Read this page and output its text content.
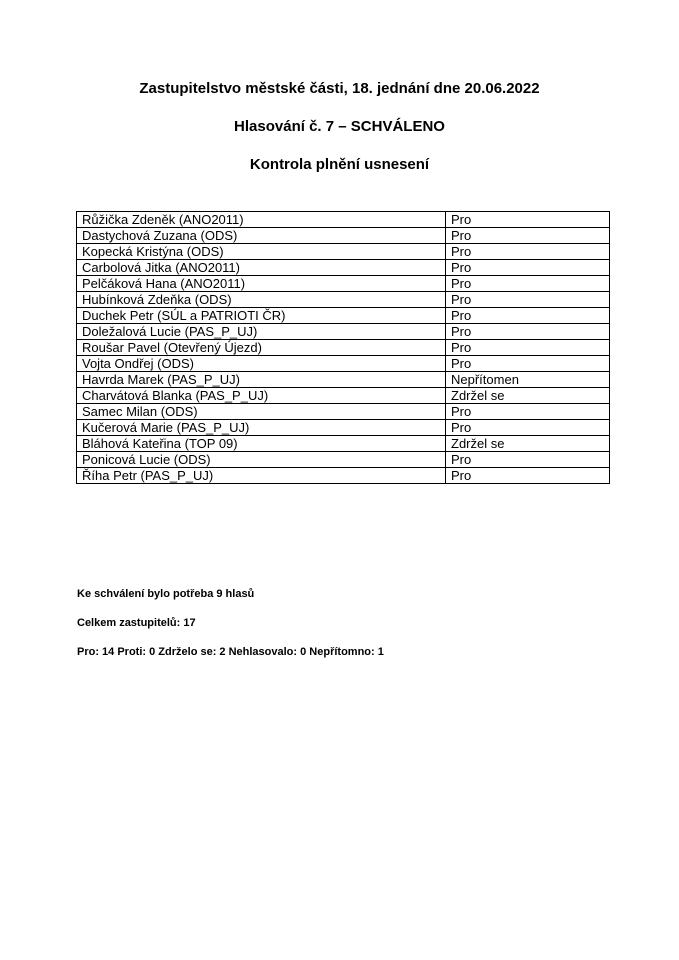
Zastupitelstvo městské části, 18. jednání dne 20.06.2022
Hlasování č. 7 – SCHVÁLENO
Kontrola plnění usnesení
Růžička Zdeněk (ANO2011)	Pro
Dastychová Zuzana (ODS)	Pro
Kopecká Kristýna (ODS)	Pro
Carbolová Jitka (ANO2011)	Pro
Pelčáková Hana (ANO2011)	Pro
Hubínková Zdeňka (ODS)	Pro
Duchek Petr (SÚL a PATRIOTI ČR)	Pro
Doležalová Lucie (PAS_P_UJ)	Pro
Roušar Pavel (Otevřený Újezd)	Pro
Vojta Ondřej (ODS)	Pro
Havrda Marek (PAS_P_UJ)	Nepřítomen
Charvátová Blanka (PAS_P_UJ)	Zdržel se
Samec Milan (ODS)	Pro
Kučerová Marie (PAS_P_UJ)	Pro
Bláhová Kateřina (TOP 09)	Zdržel se
Ponicová Lucie (ODS)	Pro
Říha Petr (PAS_P_UJ)	Pro
Ke schválení bylo potřeba 9 hlasů
Celkem zastupitelů: 17
Pro: 14 Proti: 0 Zdrželo se: 2 Nehlasovalo: 0 Nepřítomno: 1
